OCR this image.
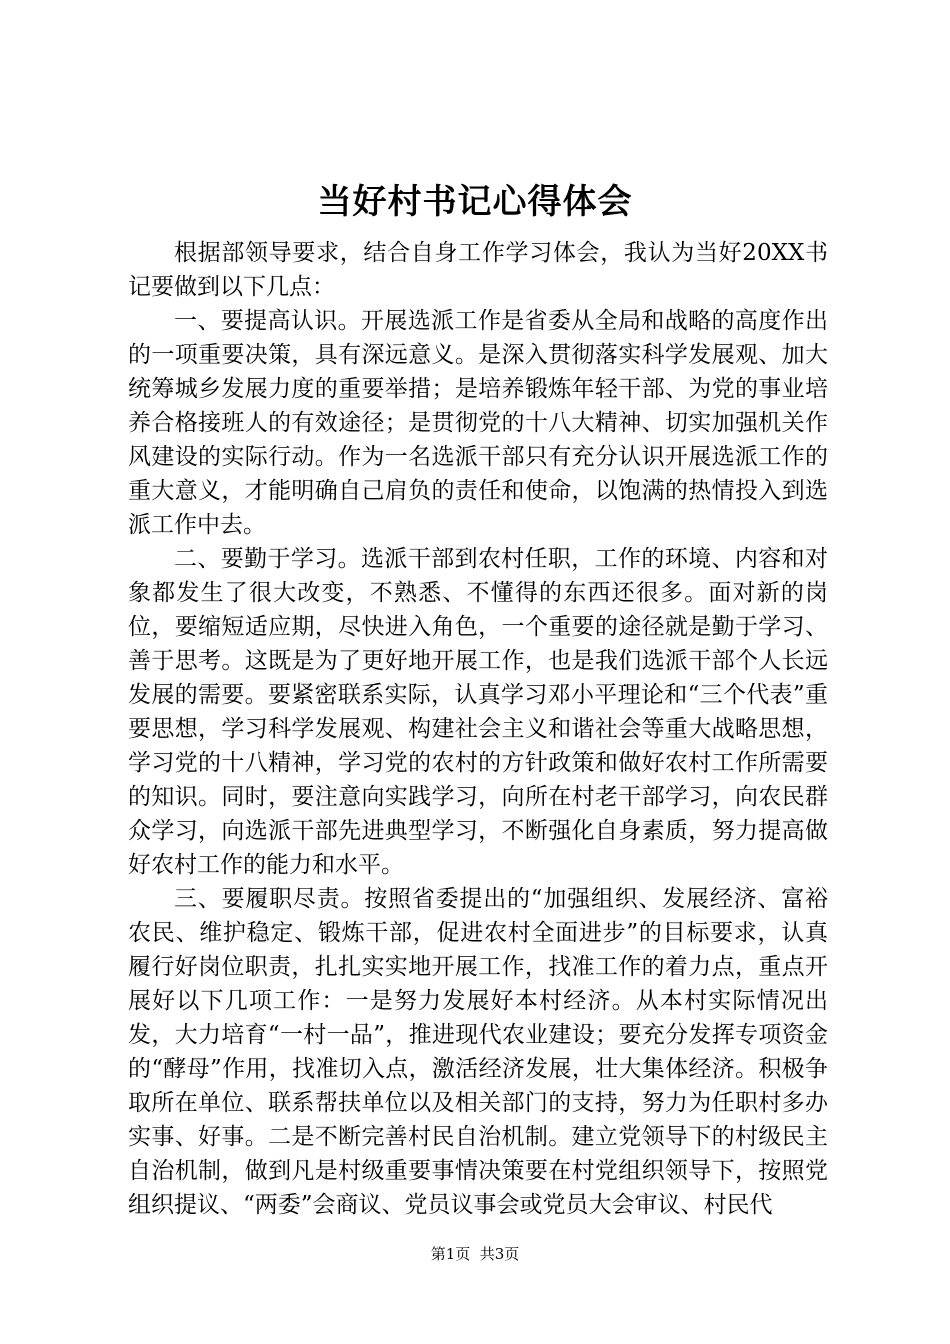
当好村书记心得体会

根据部领导要求，结合自身工作学习体会，我认为当好20XX书记要做到以下几点：

一、要提高认识。开展选派工作是省委从全局和战略的高度作出的一项重要决策，具有深远意义。是深入贯彻落实科学发展观、加大统筹城乡发展力度的重要举措；是培养锻炼年轻干部、为党的事业培养合格接班人的有效途径；是贯彻党的十八大精神、切实加强机关作风建设的实际行动。作为一名选派干部只有充分认识开展选派工作的重大意义，才能明确自己肩负的责任和使命，以饱满的热情投入到选派工作中去。

二、要勤于学习。选派干部到农村任职，工作的环境、内容和对象都发生了很大改变，不熟悉、不懂得的东西还很多。面对新的岗位，要缩短适应期，尽快进入角色，一个重要的途径就是勤于学习、善于思考。这既是为了更好地开展工作，也是我们选派干部个人长远发展的需要。要紧密联系实际，认真学习邓小平理论和“三个代表”重要思想，学习科学发展观、构建社会主义和谐社会等重大战略思想，学习党的十八精神，学习党的农村的方针政策和做好农村工作所需要的知识。同时，要注意向实践学习，向所在村老干部学习，向农民群众学习，向选派干部先进典型学习，不断强化自身素质，努力提高做好农村工作的能力和水平。

三、要履职尽责。按照省委提出的“加强组织、发展经济、富裕农民、维护稳定、锻炼干部，促进农村全面进步”的目标要求，认真履行好岗位职责，扎扎实实地开展工作，找准工作的着力点，重点开展好以下几项工作：一是努力发展好本村经济。从本村实际情况出发，大力培育“一村一品”，推进现代农业建设；要充分发挥专项资金的“酵母”作用，找准切入点，激活经济发展，壮大集体经济。积极争取所在单位、联系帮扶单位以及相关部门的支持，努力为任职村多办实事、好事。二是不断完善村民自治机制。建立党领导下的村级民主自治机制，做到凡是村级重要事情决策要在村党组织领导下，按照党组织提议、“两委”会商议、党员议事会或党员大会审议、村民代

第1页  共3页
